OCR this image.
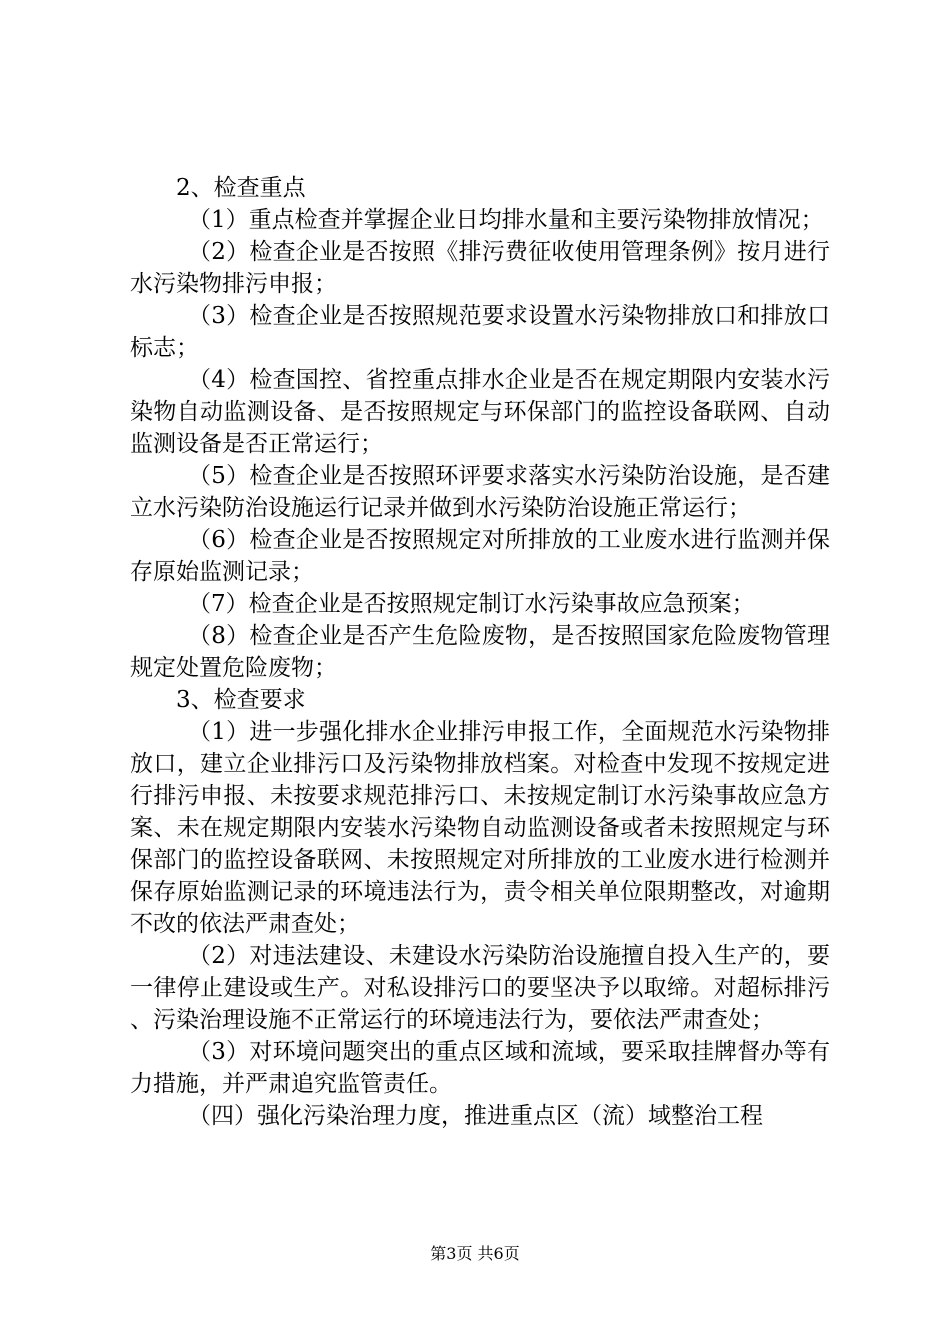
2、检查重点

（1）重点检查并掌握企业日均排水量和主要污染物排放情况；

（2）检查企业是否按照《排污费征收使用管理条例》按月进行水污染物排污申报；

（3）检查企业是否按照规范要求设置水污染物排放口和排放口标志；

（4）检查国控、省控重点排水企业是否在规定期限内安装水污染物自动监测设备、是否按照规定与环保部门的监控设备联网、自动监测设备是否正常运行；

（5）检查企业是否按照环评要求落实水污染防治设施，是否建立水污染防治设施运行记录并做到水污染防治设施正常运行；

（6）检查企业是否按照规定对所排放的工业废水进行监测并保存原始监测记录；

（7）检查企业是否按照规定制订水污染事故应急预案；

（8）检查企业是否产生危险废物，是否按照国家危险废物管理规定处置危险废物；

3、检查要求

（1）进一步强化排水企业排污申报工作，全面规范水污染物排放口，建立企业排污口及污染物排放档案。对检查中发现不按规定进行排污申报、未按要求规范排污口、未按规定制订水污染事故应急方案、未在规定期限内安装水污染物自动监测设备或者未按照规定与环保部门的监控设备联网、未按照规定对所排放的工业废水进行检测并保存原始监测记录的环境违法行为，责令相关单位限期整改，对逾期不改的依法严肃查处；

（2）对违法建设、未建设水污染防治设施擅自投入生产的，要一律停止建设或生产。对私设排污口的要坚决予以取缔。对超标排污、污染治理设施不正常运行的环境违法行为，要依法严肃查处；

（3）对环境问题突出的重点区域和流域，要采取挂牌督办等有力措施，并严肃追究监管责任。

（四）强化污染治理力度，推进重点区（流）域整治工程

第3页 共6页
